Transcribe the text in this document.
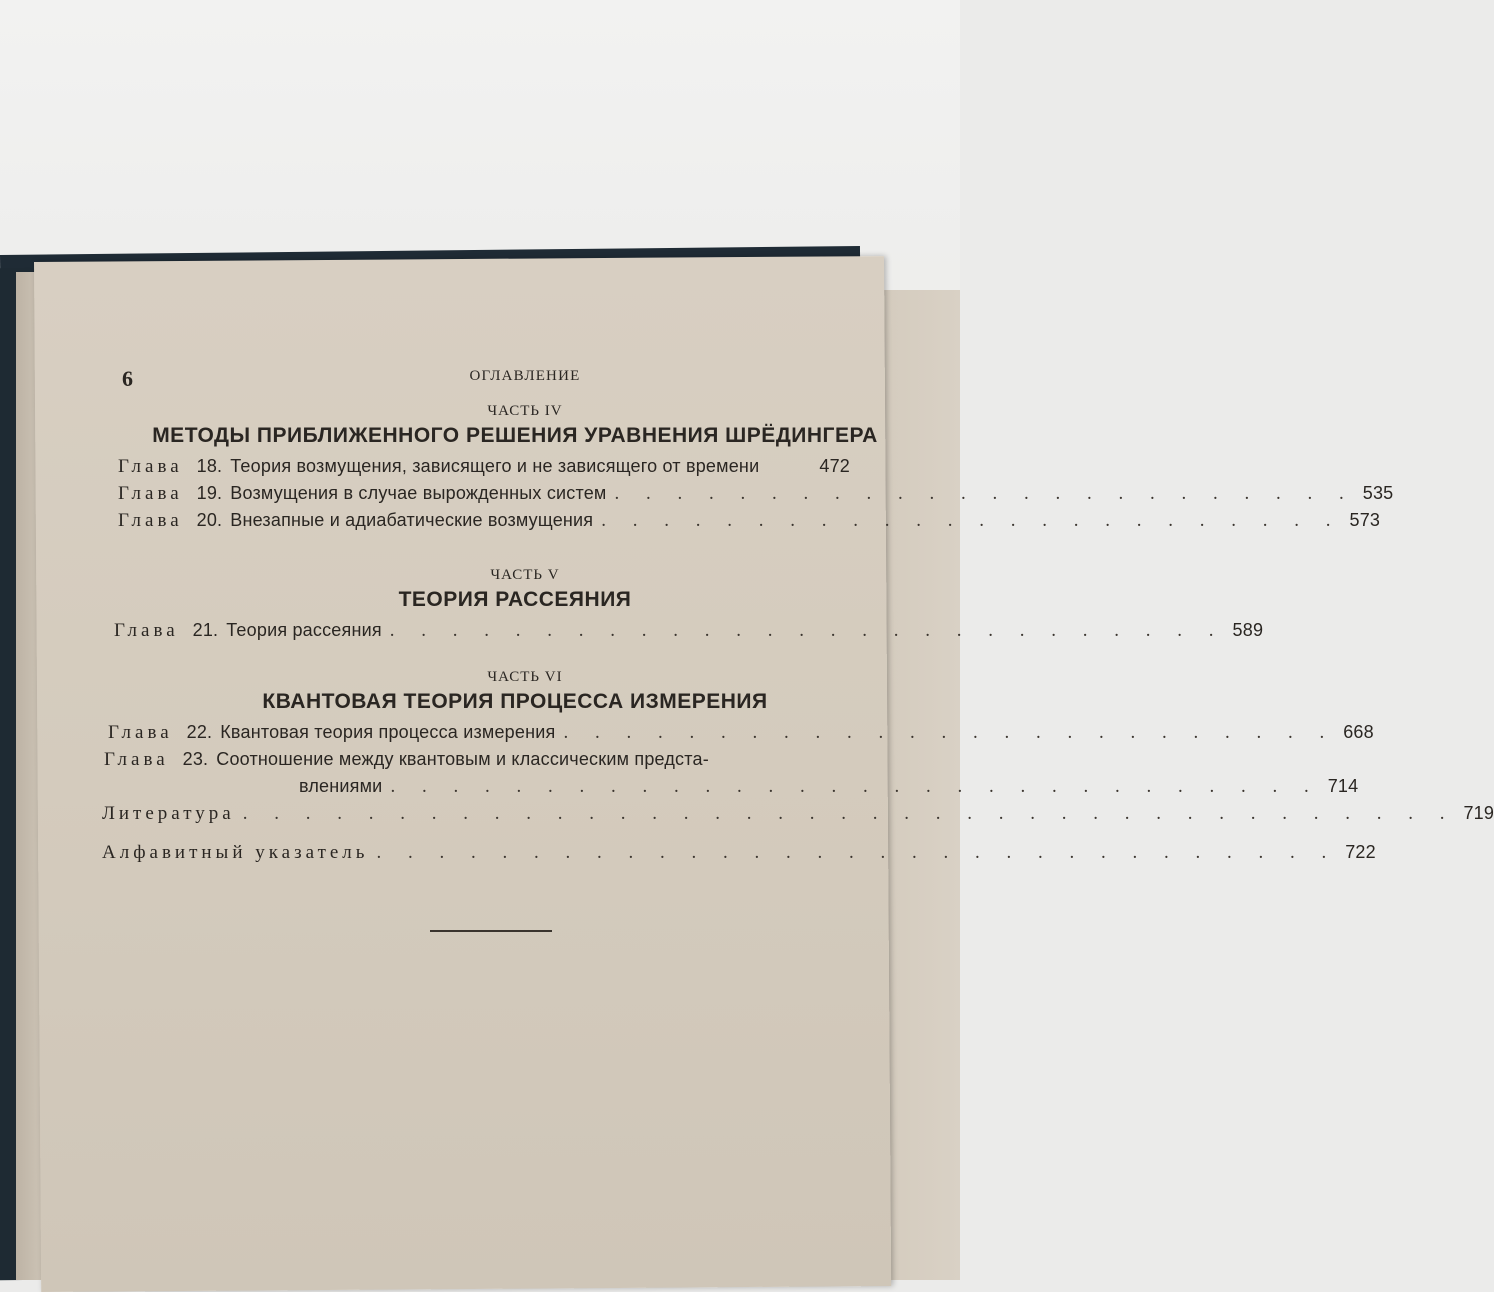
6	ОГЛАВЛЕНИЕ
ЧАСТЬ IV
МЕТОДЫ ПРИБЛИЖЕННОГО РЕШЕНИЯ УРАВНЕНИЯ ШРЁДИНГЕРА
Глава 18. Теория возмущения, зависящего и не зависящего от времени	472
Глава 19. Возмущения в случае вырожденных систем . . . . . . . . . . . . . . . . . . . . . . . . 535
Глава 20. Внезапные и адиабатические возмущения . . . . . . . . . . . . . . . . . . . . . . . . 573
ЧАСТЬ V
ТЕОРИЯ РАССЕЯНИЯ
Глава 21. Теория рассеяния . . . . . . . . . . . . . . . . . . . . . . . . . . . 589
ЧАСТЬ VI
КВАНТОВАЯ ТЕОРИЯ ПРОЦЕССА ИЗМЕРЕНИЯ
Глава 22. Квантовая теория процесса измерения . . . . . . . . . . . . . . . . . . . . . . . . . 668
Глава 23. Соотношение между квантовым и классическим предста-
влениями . . . . . . . . . . . . . . . . . . . . . . . . . . . . . . 714
Литература . . . . . . . . . . . . . . . . . . . . . . . . . . . . . . . . . . . . . . . 719
Алфавитный указатель . . . . . . . . . . . . . . . . . . . . . . . . . . . . . . . 722
